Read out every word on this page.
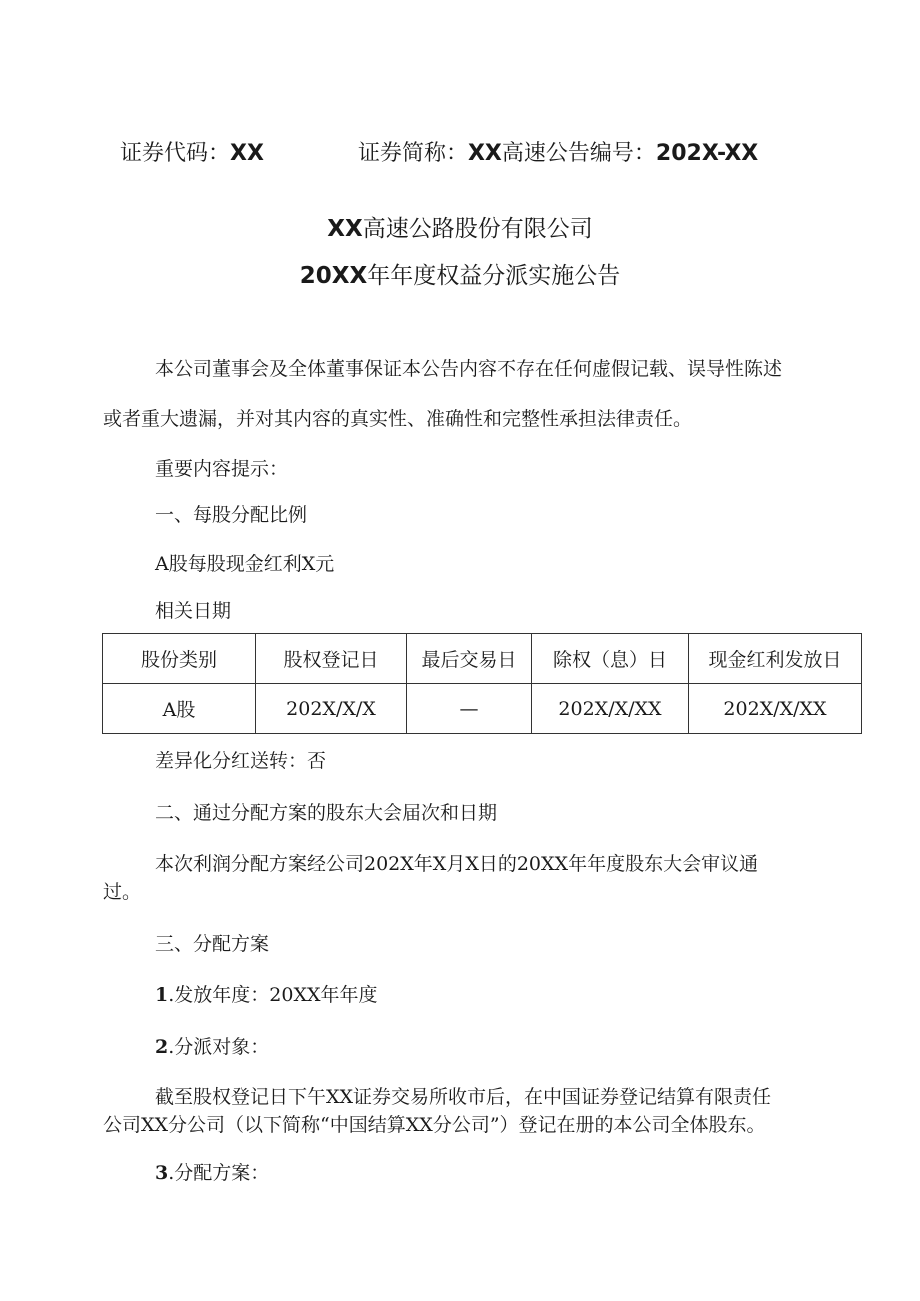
证券代码：XX	证券简称：XX高速公告编号：202X-XX
XX高速公路股份有限公司
20XX年年度权益分派实施公告
本公司董事会及全体董事保证本公告内容不存在任何虚假记载、误导性陈述
或者重大遗漏，并对其内容的真实性、准确性和完整性承担法律责任。
重要内容提示：
一、每股分配比例
A股每股现金红利X元
相关日期
股份类别	股权登记日	最后交易日	除权（息）日	现金红利发放日
A股	202X/X/X	—	202X/X/XX	202X/X/XX
差异化分红送转：否
二、通过分配方案的股东大会届次和日期
本次利润分配方案经公司202X年X月X日的20XX年年度股东大会审议通
过。
三、分配方案
1.发放年度：20XX年年度
2.分派对象：
截至股权登记日下午XX证券交易所收市后，在中国证券登记结算有限责任
公司XX分公司（以下简称“中国结算XX分公司”）登记在册的本公司全体股东。
3.分配方案：
